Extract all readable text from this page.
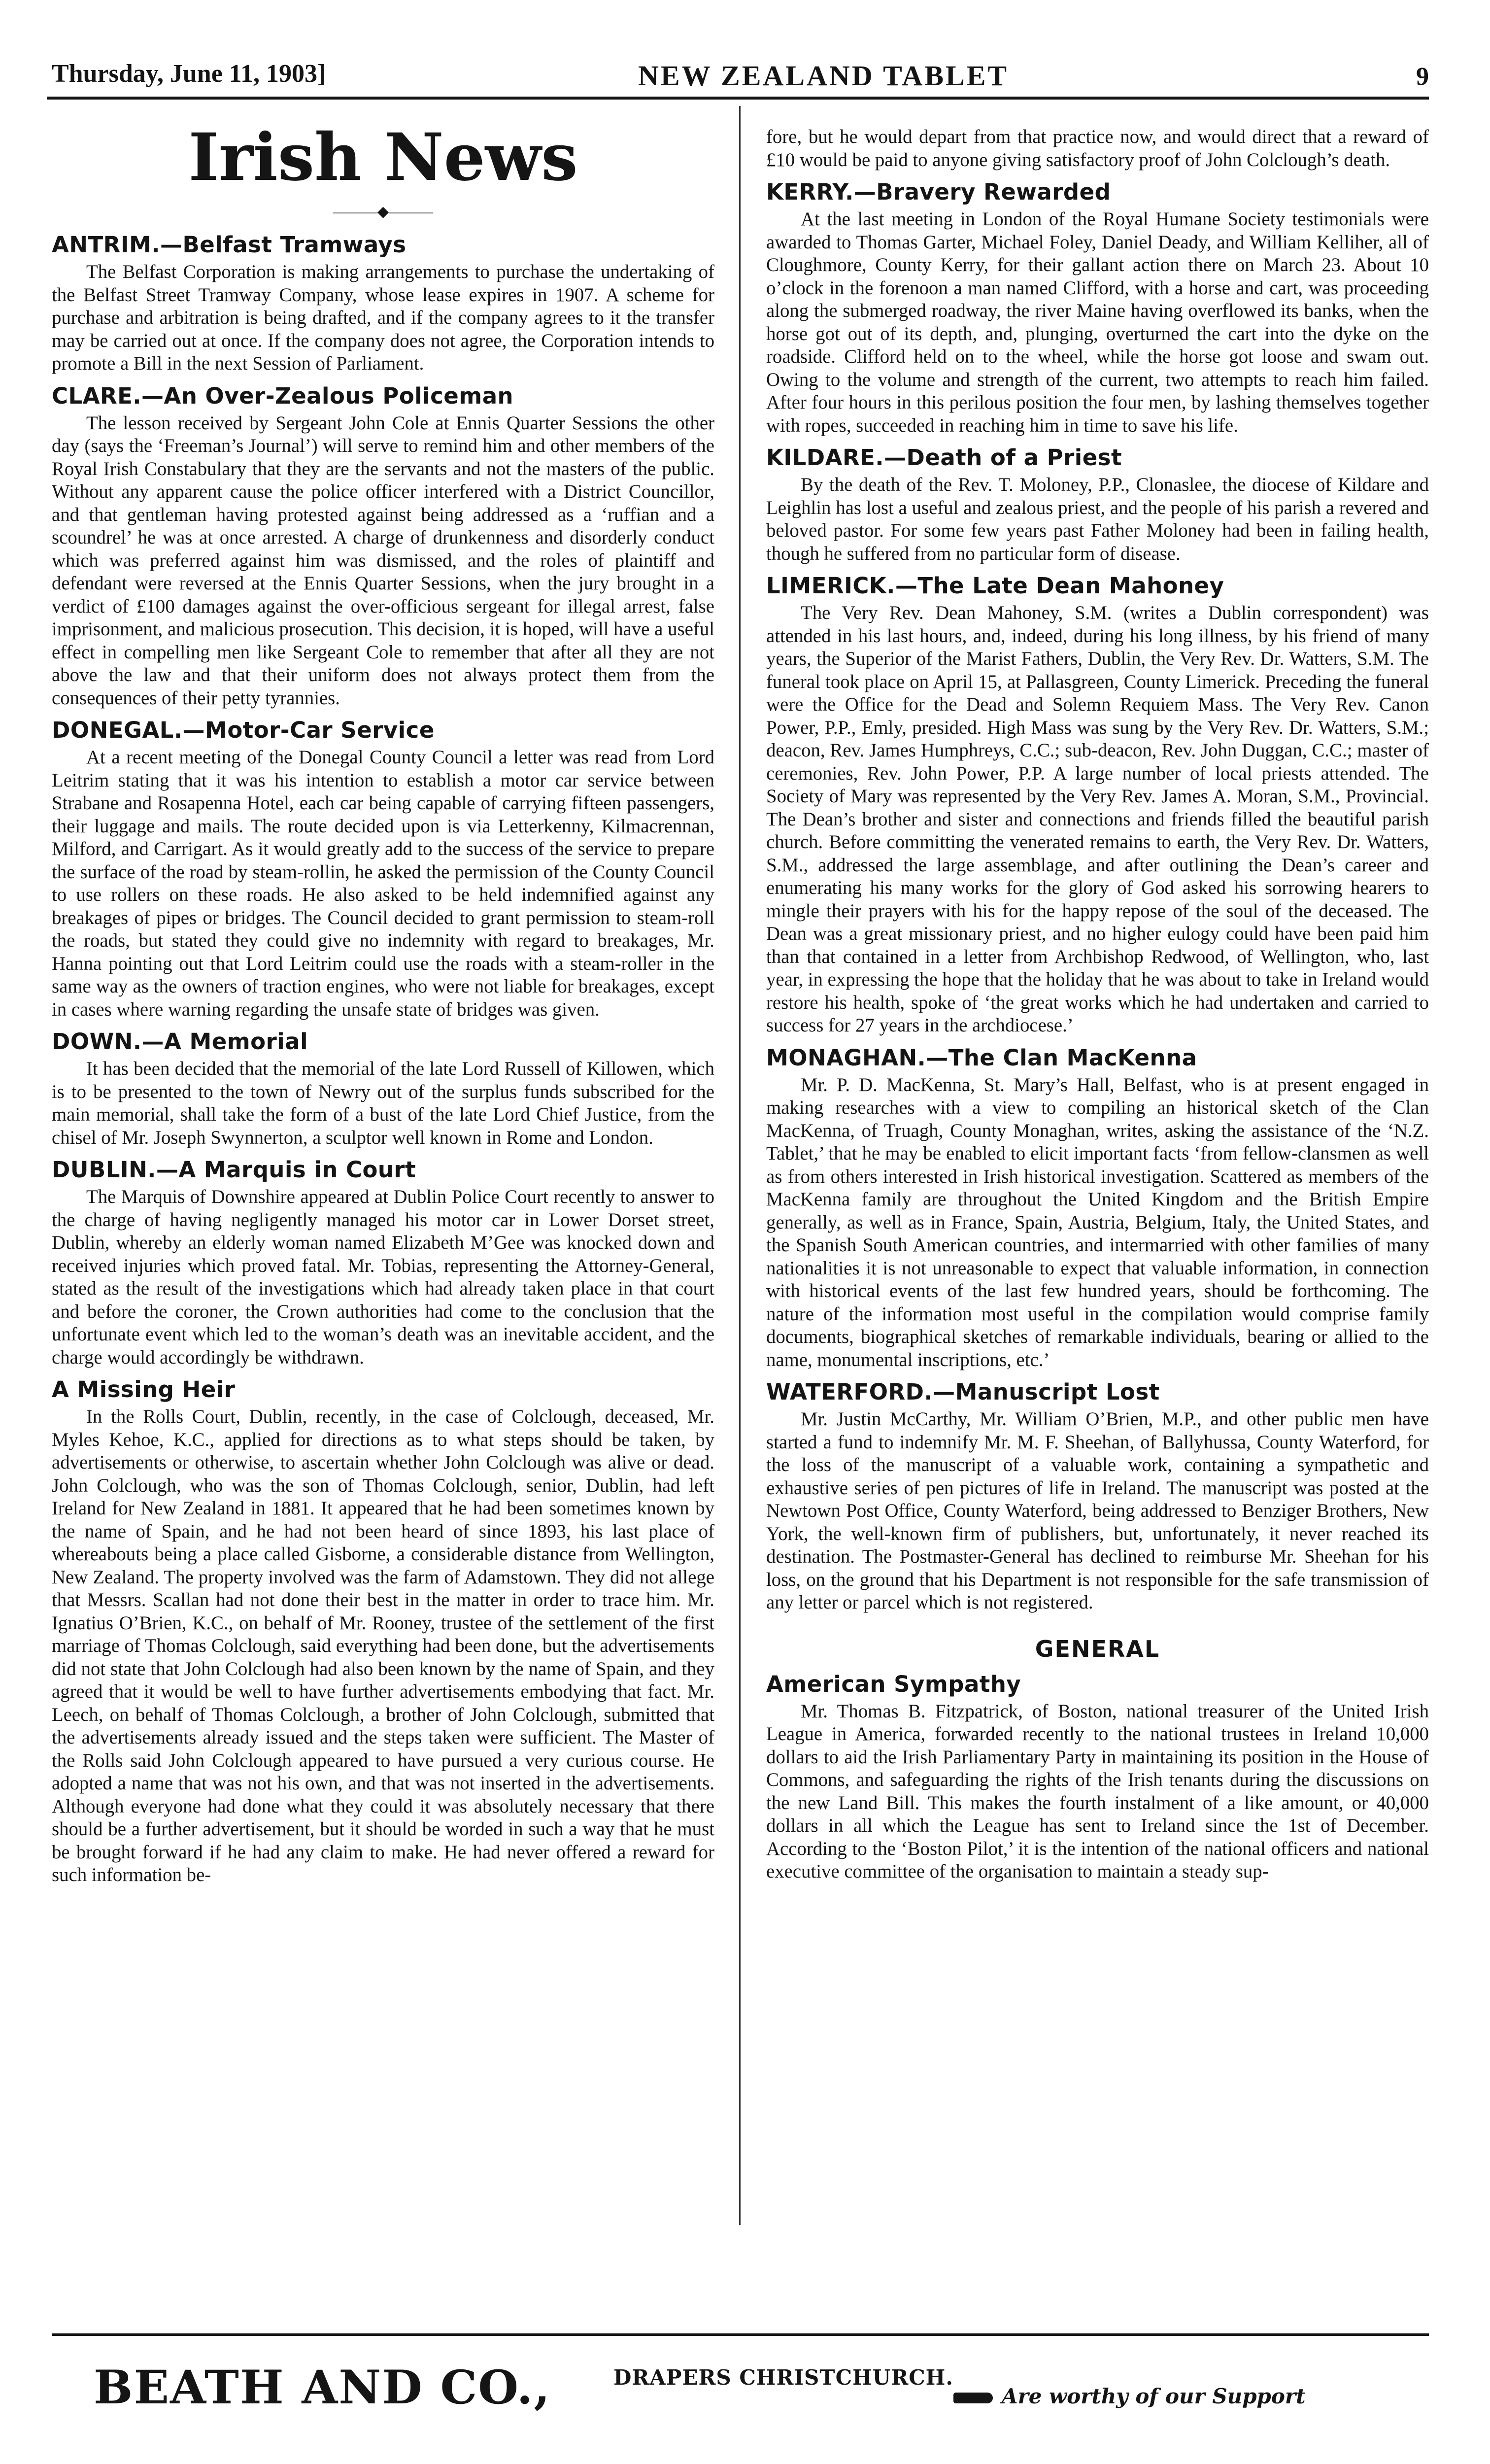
Thursday, June 11, 1903]	NEW ZEALAND TABLET	9
Irish News
———◆———
ANTRIM.—Belfast Tramways

The Belfast Corporation is making arrangements to purchase the undertaking of the Belfast Street Tramway Company, whose lease expires in 1907. A scheme for purchase and arbitration is being drafted, and if the company agrees to it the transfer may be carried out at once. If the company does not agree, the Corporation intends to promote a Bill in the next Session of Parliament.

CLARE.—An Over-Zealous Policeman

The lesson received by Sergeant John Cole at Ennis Quarter Sessions the other day (says the ‘Freeman’s Journal’) will serve to remind him and other members of the Royal Irish Constabulary that they are the servants and not the masters of the public. Without any apparent cause the police officer interfered with a District Councillor, and that gentleman having protested against being addressed as a ‘ruffian and a scoundrel’ he was at once arrested. A charge of drunkenness and disorderly conduct which was preferred against him was dismissed, and the roles of plaintiff and defendant were reversed at the Ennis Quarter Sessions, when the jury brought in a verdict of £100 damages against the over-officious sergeant for illegal arrest, false imprisonment, and malicious prosecution. This decision, it is hoped, will have a useful effect in compelling men like Sergeant Cole to remember that after all they are not above the law and that their uniform does not always protect them from the consequences of their petty tyrannies.

DONEGAL.—Motor-Car Service

At a recent meeting of the Donegal County Council a letter was read from Lord Leitrim stating that it was his intention to establish a motor car service between Strabane and Rosapenna Hotel, each car being capable of carrying fifteen passengers, their luggage and mails. The route decided upon is via Letterkenny, Kilmacrennan, Milford, and Carrigart. As it would greatly add to the success of the service to prepare the surface of the road by steam-rollin, he asked the permission of the County Council to use rollers on these roads. He also asked to be held indemnified against any breakages of pipes or bridges. The Council decided to grant permission to steam-roll the roads, but stated they could give no indemnity with regard to breakages, Mr. Hanna pointing out that Lord Leitrim could use the roads with a steam-roller in the same way as the owners of traction engines, who were not liable for breakages, except in cases where warning regarding the unsafe state of bridges was given.

DOWN.—A Memorial

It has been decided that the memorial of the late Lord Russell of Killowen, which is to be presented to the town of Newry out of the surplus funds subscribed for the main memorial, shall take the form of a bust of the late Lord Chief Justice, from the chisel of Mr. Joseph Swynnerton, a sculptor well known in Rome and London.

DUBLIN.—A Marquis in Court

The Marquis of Downshire appeared at Dublin Police Court recently to answer to the charge of having negligently managed his motor car in Lower Dorset street, Dublin, whereby an elderly woman named Elizabeth M’Gee was knocked down and received injuries which proved fatal. Mr. Tobias, representing the Attorney-General, stated as the result of the investigations which had already taken place in that court and before the coroner, the Crown authorities had come to the conclusion that the unfortunate event which led to the woman’s death was an inevitable accident, and the charge would accordingly be withdrawn.

A Missing Heir

In the Rolls Court, Dublin, recently, in the case of Colclough, deceased, Mr. Myles Kehoe, K.C., applied for directions as to what steps should be taken, by advertisements or otherwise, to ascertain whether John Colclough was alive or dead. John Colclough, who was the son of Thomas Colclough, senior, Dublin, had left Ireland for New Zealand in 1881. It appeared that he had been sometimes known by the name of Spain, and he had not been heard of since 1893, his last place of whereabouts being a place called Gisborne, a considerable distance from Wellington, New Zealand. The property involved was the farm of Adamstown. They did not allege that Messrs. Scallan had not done their best in the matter in order to trace him. Mr. Ignatius O’Brien, K.C., on behalf of Mr. Rooney, trustee of the settlement of the first marriage of Thomas Colclough, said everything had been done, but the advertisements did not state that John Colclough had also been known by the name of Spain, and they agreed that it would be well to have further advertisements embodying that fact. Mr. Leech, on behalf of Thomas Colclough, a brother of John Colclough, submitted that the advertisements already issued and the steps taken were sufficient. The Master of the Rolls said John Colclough appeared to have pursued a very curious course. He adopted a name that was not his own, and that was not inserted in the advertisements. Although everyone had done what they could it was absolutely necessary that there should be a further advertisement, but it should be worded in such a way that he must be brought forward if he had any claim to make. He had never offered a reward for such information be-

fore, but he would depart from that practice now, and would direct that a reward of £10 would be paid to anyone giving satisfactory proof of John Colclough’s death.

KERRY.—Bravery Rewarded

At the last meeting in London of the Royal Humane Society testimonials were awarded to Thomas Garter, Michael Foley, Daniel Deady, and William Kelliher, all of Cloughmore, County Kerry, for their gallant action there on March 23. About 10 o’clock in the forenoon a man named Clifford, with a horse and cart, was proceeding along the submerged roadway, the river Maine having overflowed its banks, when the horse got out of its depth, and, plunging, overturned the cart into the dyke on the roadside. Clifford held on to the wheel, while the horse got loose and swam out. Owing to the volume and strength of the current, two attempts to reach him failed. After four hours in this perilous position the four men, by lashing themselves together with ropes, succeeded in reaching him in time to save his life.

KILDARE.—Death of a Priest

By the death of the Rev. T. Moloney, P.P., Clonaslee, the diocese of Kildare and Leighlin has lost a useful and zealous priest, and the people of his parish a revered and beloved pastor. For some few years past Father Moloney had been in failing health, though he suffered from no particular form of disease.

LIMERICK.—The Late Dean Mahoney

The Very Rev. Dean Mahoney, S.M. (writes a Dublin correspondent) was attended in his last hours, and, indeed, during his long illness, by his friend of many years, the Superior of the Marist Fathers, Dublin, the Very Rev. Dr. Watters, S.M. The funeral took place on April 15, at Pallasgreen, County Limerick. Preceding the funeral were the Office for the Dead and Solemn Requiem Mass. The Very Rev. Canon Power, P.P., Emly, presided. High Mass was sung by the Very Rev. Dr. Watters, S.M.; deacon, Rev. James Humphreys, C.C.; sub-deacon, Rev. John Duggan, C.C.; master of ceremonies, Rev. John Power, P.P. A large number of local priests attended. The Society of Mary was represented by the Very Rev. James A. Moran, S.M., Provincial. The Dean’s brother and sister and connections and friends filled the beautiful parish church. Before committing the venerated remains to earth, the Very Rev. Dr. Watters, S.M., addressed the large assemblage, and after outlining the Dean’s career and enumerating his many works for the glory of God asked his sorrowing hearers to mingle their prayers with his for the happy repose of the soul of the deceased. The Dean was a great missionary priest, and no higher eulogy could have been paid him than that contained in a letter from Archbishop Redwood, of Wellington, who, last year, in expressing the hope that the holiday that he was about to take in Ireland would restore his health, spoke of ‘the great works which he had undertaken and carried to success for 27 years in the archdiocese.’

MONAGHAN.—The Clan MacKenna

Mr. P. D. MacKenna, St. Mary’s Hall, Belfast, who is at present engaged in making researches with a view to compiling an historical sketch of the Clan MacKenna, of Truagh, County Monaghan, writes, asking the assistance of the ‘N.Z. Tablet,’ that he may be enabled to elicit important facts ‘from fellow-clansmen as well as from others interested in Irish historical investigation. Scattered as members of the MacKenna family are throughout the United Kingdom and the British Empire generally, as well as in France, Spain, Austria, Belgium, Italy, the United States, and the Spanish South American countries, and intermarried with other families of many nationalities it is not unreasonable to expect that valuable information, in connection with historical events of the last few hundred years, should be forthcoming. The nature of the information most useful in the compilation would comprise family documents, biographical sketches of remarkable individuals, bearing or allied to the name, monumental inscriptions, etc.’

WATERFORD.—Manuscript Lost

Mr. Justin McCarthy, Mr. William O’Brien, M.P., and other public men have started a fund to indemnify Mr. M. F. Sheehan, of Ballyhussa, County Waterford, for the loss of the manuscript of a valuable work, containing a sympathetic and exhaustive series of pen pictures of life in Ireland. The manuscript was posted at the Newtown Post Office, County Waterford, being addressed to Benziger Brothers, New York, the well-known firm of publishers, but, unfortunately, it never reached its destination. The Postmaster-General has declined to reimburse Mr. Sheehan for his loss, on the ground that his Department is not responsible for the safe transmission of any letter or parcel which is not registered.

GENERAL
American Sympathy

Mr. Thomas B. Fitzpatrick, of Boston, national treasurer of the United Irish League in America, forwarded recently to the national trustees in Ireland 10,000 dollars to aid the Irish Parliamentary Party in maintaining its position in the House of Commons, and safeguarding the rights of the Irish tenants during the discussions on the new Land Bill. This makes the fourth instalment of a like amount, or 40,000 dollars in all which the League has sent to Ireland since the 1st of December. According to the ‘Boston Pilot,’ it is the intention of the national officers and national executive committee of the organisation to maintain a steady sup-

BEATH AND CO.,	DRAPERS CHRISTCHURCH.
Are worthy of our Support
